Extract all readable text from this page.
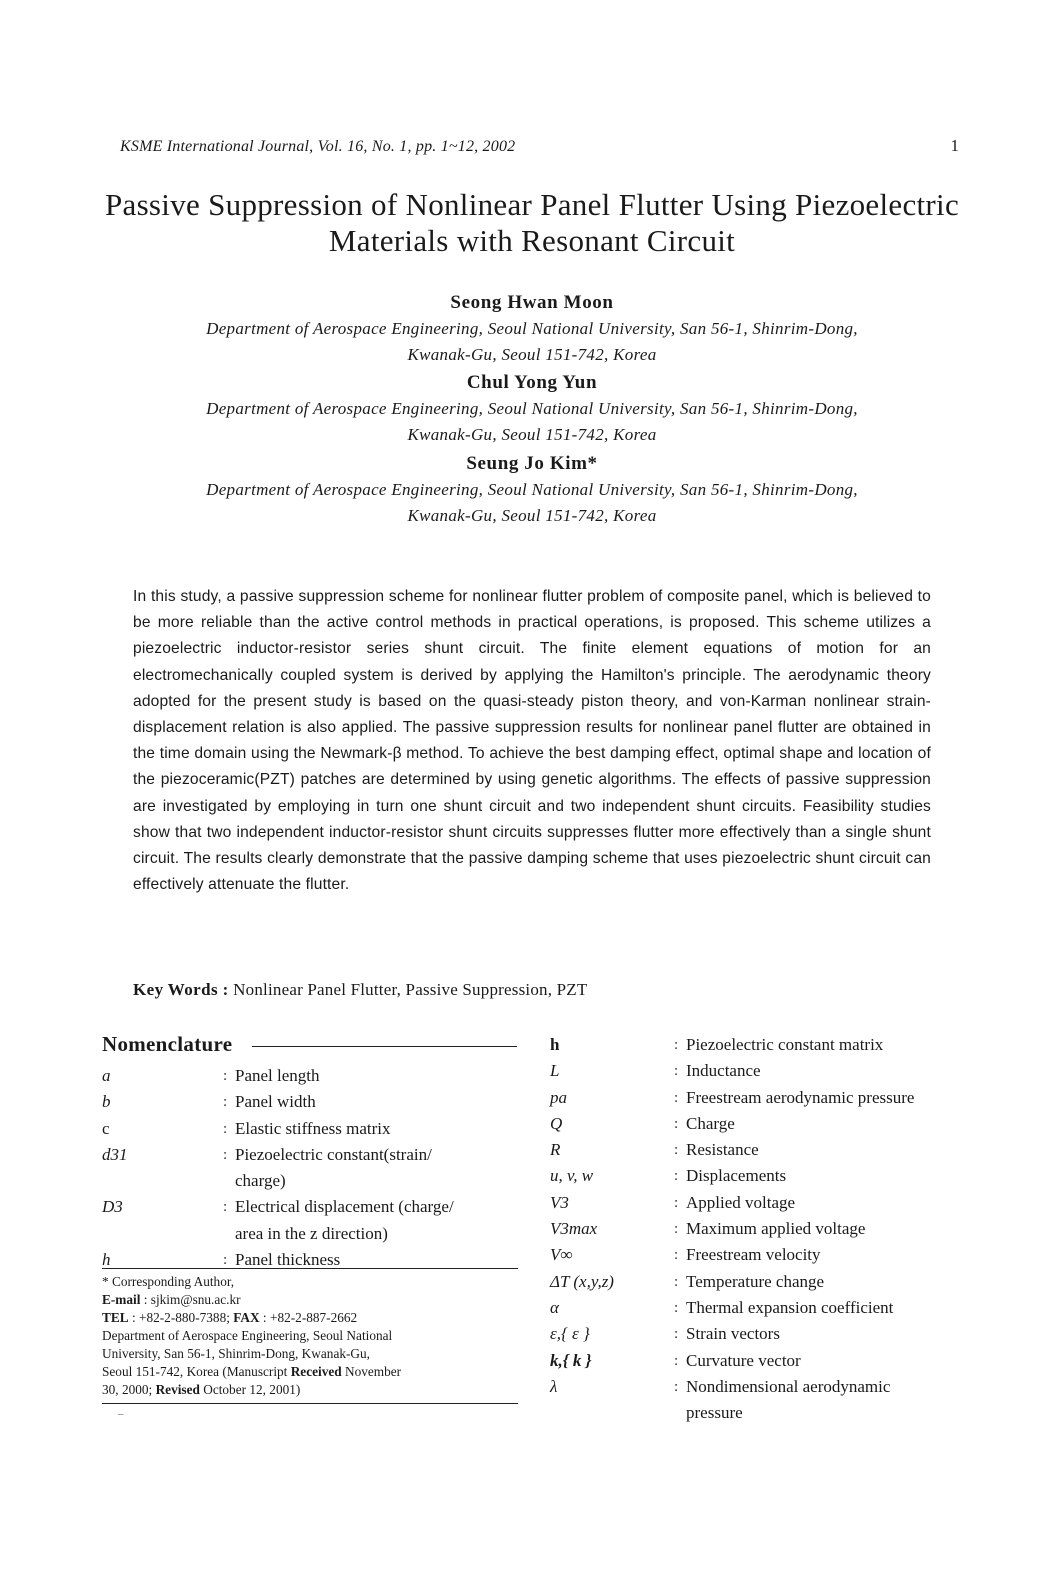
KSME International Journal, Vol. 16, No. 1, pp. 1~12, 2002	1
Passive Suppression of Nonlinear Panel Flutter Using Piezoelectric
Materials with Resonant Circuit
Seong Hwan Moon
Department of Aerospace Engineering, Seoul National University, San 56-1, Shinrim-Dong,
Kwanak-Gu, Seoul 151-742, Korea
Chul Yong Yun
Department of Aerospace Engineering, Seoul National University, San 56-1, Shinrim-Dong,
Kwanak-Gu, Seoul 151-742, Korea
Seung Jo Kim*
Department of Aerospace Engineering, Seoul National University, San 56-1, Shinrim-Dong,
Kwanak-Gu, Seoul 151-742, Korea
In this study, a passive suppression scheme for nonlinear flutter problem of composite panel, which is believed to be more reliable than the active control methods in practical operations, is proposed. This scheme utilizes a piezoelectric inductor-resistor series shunt circuit. The finite element equations of motion for an electromechanically coupled system is derived by applying the Hamilton's principle. The aerodynamic theory adopted for the present study is based on the quasi-steady piston theory, and von-Karman nonlinear strain-displacement relation is also applied. The passive suppression results for nonlinear panel flutter are obtained in the time domain using the Newmark-β method. To achieve the best damping effect, optimal shape and location of the piezoceramic(PZT) patches are determined by using genetic algorithms. The effects of passive suppression are investigated by employing in turn one shunt circuit and two independent shunt circuits. Feasibility studies show that two independent inductor-resistor shunt circuits suppresses flutter more effectively than a single shunt circuit. The results clearly demonstrate that the passive damping scheme that uses piezoelectric shunt circuit can effectively attenuate the flutter.
Key Words : Nonlinear Panel Flutter, Passive Suppression, PZT
Nomenclature
a	: Panel length
b	: Panel width
c	: Elastic stiffness matrix
d31	: Piezoelectric constant(strain/
charge)
D3	: Electrical displacement (charge/
area in the z direction)
h	: Panel thickness
* Corresponding Author,
E-mail : sjkim@snu.ac.kr
TEL : +82-2-880-7388; FAX : +82-2-887-2662
Department of Aerospace Engineering, Seoul National
University, San 56-1, Shinrim-Dong, Kwanak-Gu,
Seoul 151-742, Korea (Manuscript Received November
30, 2000; Revised October 12, 2001)
–
h	: Piezoelectric constant matrix
L	: Inductance
pa	: Freestream aerodynamic pressure
Q	: Charge
R	: Resistance
u, v, w	: Displacements
V3	: Applied voltage
V3max	: Maximum applied voltage
V∞	: Freestream velocity
ΔT (x,y,z)	: Temperature change
α	: Thermal expansion coefficient
ε,{ ε }	: Strain vectors
k,{ k }	: Curvature vector
λ	: Nondimensional aerodynamic
pressure
